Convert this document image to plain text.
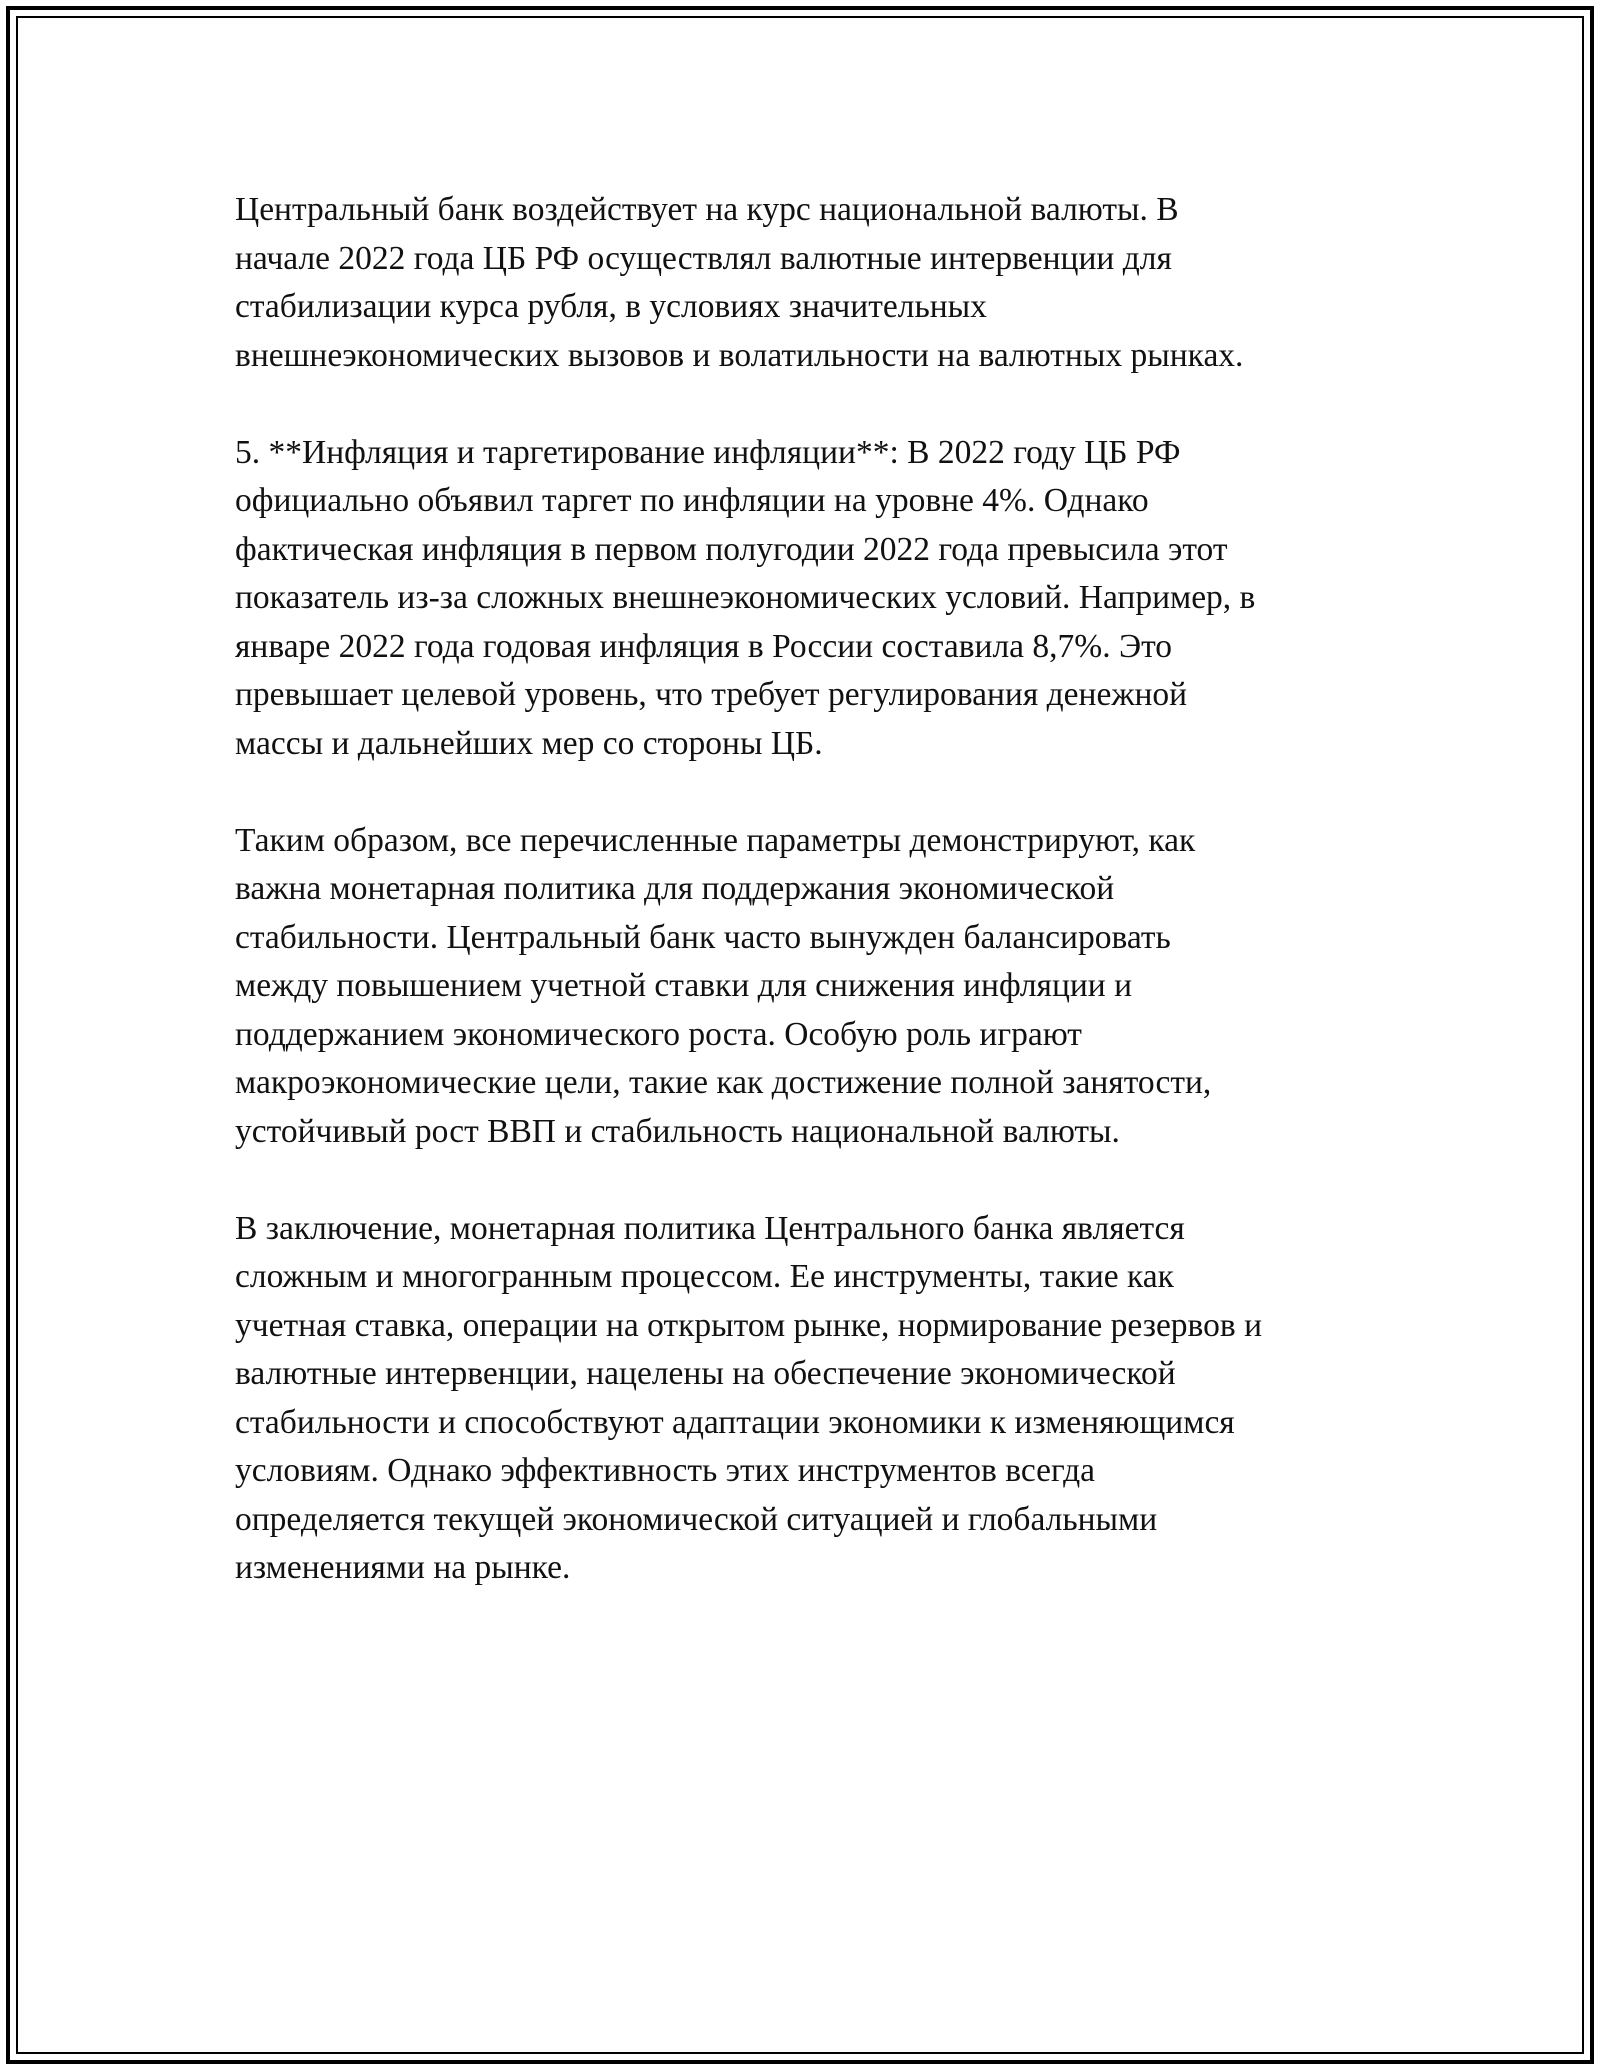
Центральный банк воздействует на курс национальной валюты. В
начале 2022 года ЦБ РФ осуществлял валютные интервенции для
стабилизации курса рубля, в условиях значительных
внешнеэкономических вызовов и волатильности на валютных рынках.

5. **Инфляция и таргетирование инфляции**: В 2022 году ЦБ РФ
официально объявил таргет по инфляции на уровне 4%. Однако
фактическая инфляция в первом полугодии 2022 года превысила этот
показатель из-за сложных внешнеэкономических условий. Например, в
январе 2022 года годовая инфляция в России составила 8,7%. Это
превышает целевой уровень, что требует регулирования денежной
массы и дальнейших мер со стороны ЦБ.

Таким образом, все перечисленные параметры демонстрируют, как
важна монетарная политика для поддержания экономической
стабильности. Центральный банк часто вынужден балансировать
между повышением учетной ставки для снижения инфляции и
поддержанием экономического роста. Особую роль играют
макроэкономические цели, такие как достижение полной занятости,
устойчивый рост ВВП и стабильность национальной валюты.

В заключение, монетарная политика Центрального банка является
сложным и многогранным процессом. Ее инструменты, такие как
учетная ставка, операции на открытом рынке, нормирование резервов и
валютные интервенции, нацелены на обеспечение экономической
стабильности и способствуют адаптации экономики к изменяющимся
условиям. Однако эффективность этих инструментов всегда
определяется текущей экономической ситуацией и глобальными
изменениями на рынке.
